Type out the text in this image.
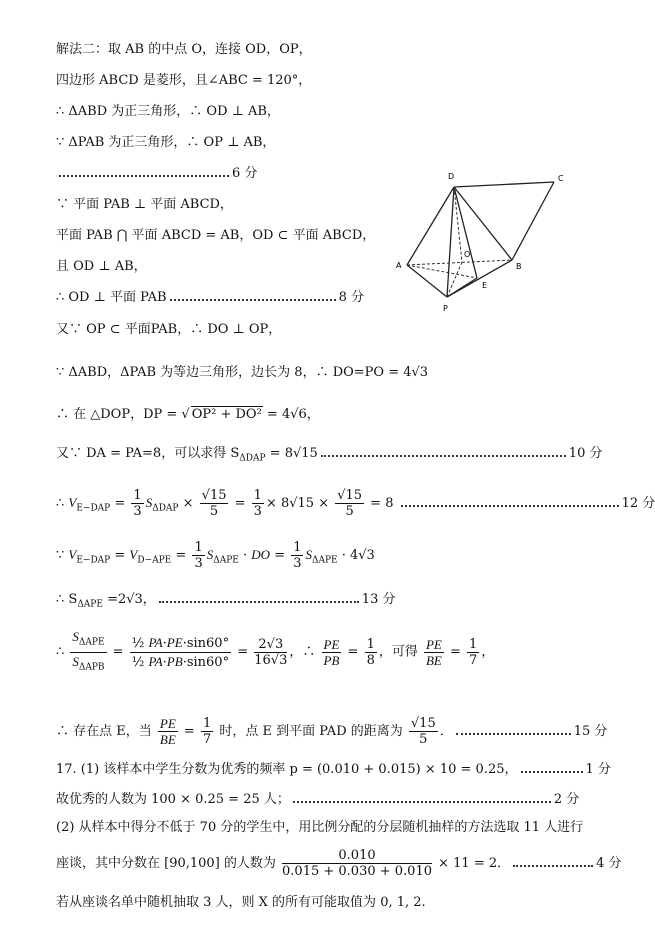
解法二：取 AB 的中点 O，连接 OD，OP，
四边形 ABCD 是菱形，且∠ABC = 120°，
∴ ΔABD 为正三角形，∴ OD ⊥ AB，
∵ ΔPAB 为正三角形，∴ OP ⊥ AB，
6 分
∵ 平面 PAB ⊥ 平面 ABCD，
平面 PAB ⋂ 平面 ABCD = AB，OD ⊂ 平面 ABCD，
且 OD ⊥ AB，
∴ OD ⊥ 平面 PAB	8 分
又∵ OP ⊂ 平面PAB，∴ DO ⊥ OP，
∵ ΔABD，ΔPAB 为等边三角形，边长为 8，∴ DO=PO = 4√3
∴ 在 △DOP，DP = √ OP² + DO² = 4√6，
又∵ DA = PA=8，可以求得 $S_{\Delta DAP} = 8√15$	10 分
∴ $V_{E-DAP} = \frac{1}{3} S_{\Delta DAP} \times \frac{√15}{5} = \frac{1}{3} \times 8√15 \times \frac{√15}{5} = 8$	12 分
∵ $V_{E-DAP} = V_{D-APE} = \frac{1}{3} S_{\Delta APE}$ · DO = $\frac{1}{3} S_{\Delta APE} \cdot 4√3$
∴ $S_{\Delta APE} =2√3$，	13 分
∴
$S_{\Delta APE}$
$S_{\Delta APB}$
= $\frac{\text{½ PA·PE·sin60°}}{\text{½ PA·PB·sin60°}} = \frac{2√3}{16√3}$ ，∴ $\frac{PE}{PB} = \frac{1}{8}$ ，可得 $\frac{PE}{BE} = \frac{1}{7}$ ，
∴ 存在点 E，当 $\frac{PE}{BE} = \frac{1}{7}$ 时，点 E 到平面 PAD 的距离为 $\frac{√15}{5}$ ．	15 分
17. (1) 该样本中学生分数为优秀的频率 p = (0.010 + 0.015) × 10 = 0.25，	1 分
故优秀的人数为 100 × 0.25 = 25 人；	2 分
(2) 从样本中得分不低于 70 分的学生中，用比例分配的分层随机抽样的方法选取 11 人进行
座谈，其中分数在 [90,100] 的人数为 $\frac{0.010}{0.015 + 0.030 + 0.010} \times 11 = 2$．	4 分
若从座谈名单中随机抽取 3 人，则 X 的所有可能取值为 0, 1, 2.
D	C
A
O
B
E
P
